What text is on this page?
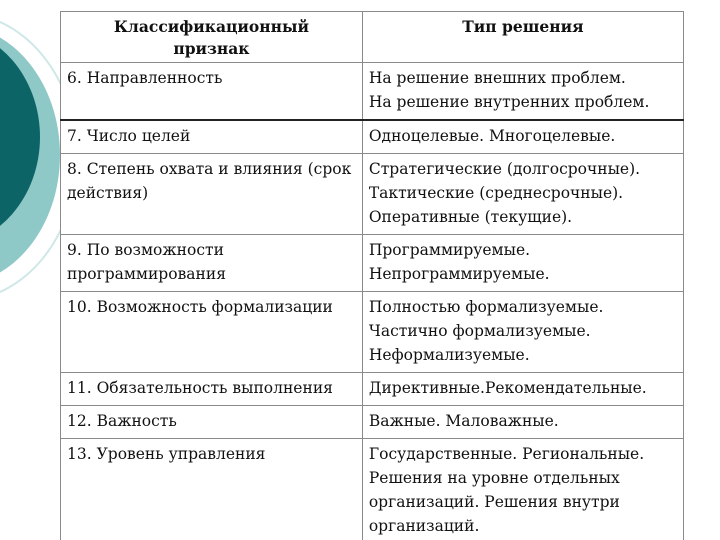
Классификационный
признак	Тип решения

6. Направленность	На решение внешних проблем.
На решение внутренних проблем.

7. Число целей	Одноцелевые. Многоцелевые.

8. Степень охвата и влияния (срок
действия)	Стратегические (долгосрочные).
Тактические (среднесрочные).
Оперативные (текущие).

9. По возможности
программирования	Программируемые.
Непрограммируемые.

10. Возможность формализации	Полностью формализуемые.
Частично формализуемые.
Неформализуемые.

11. Обязательность выполнения	Директивные.Рекомендательные.

12. Важность	Важные. Маловажные.

13. Уровень управления	Государственные. Региональные.
Решения на уровне отдельных
организаций. Решения внутри
организаций.
